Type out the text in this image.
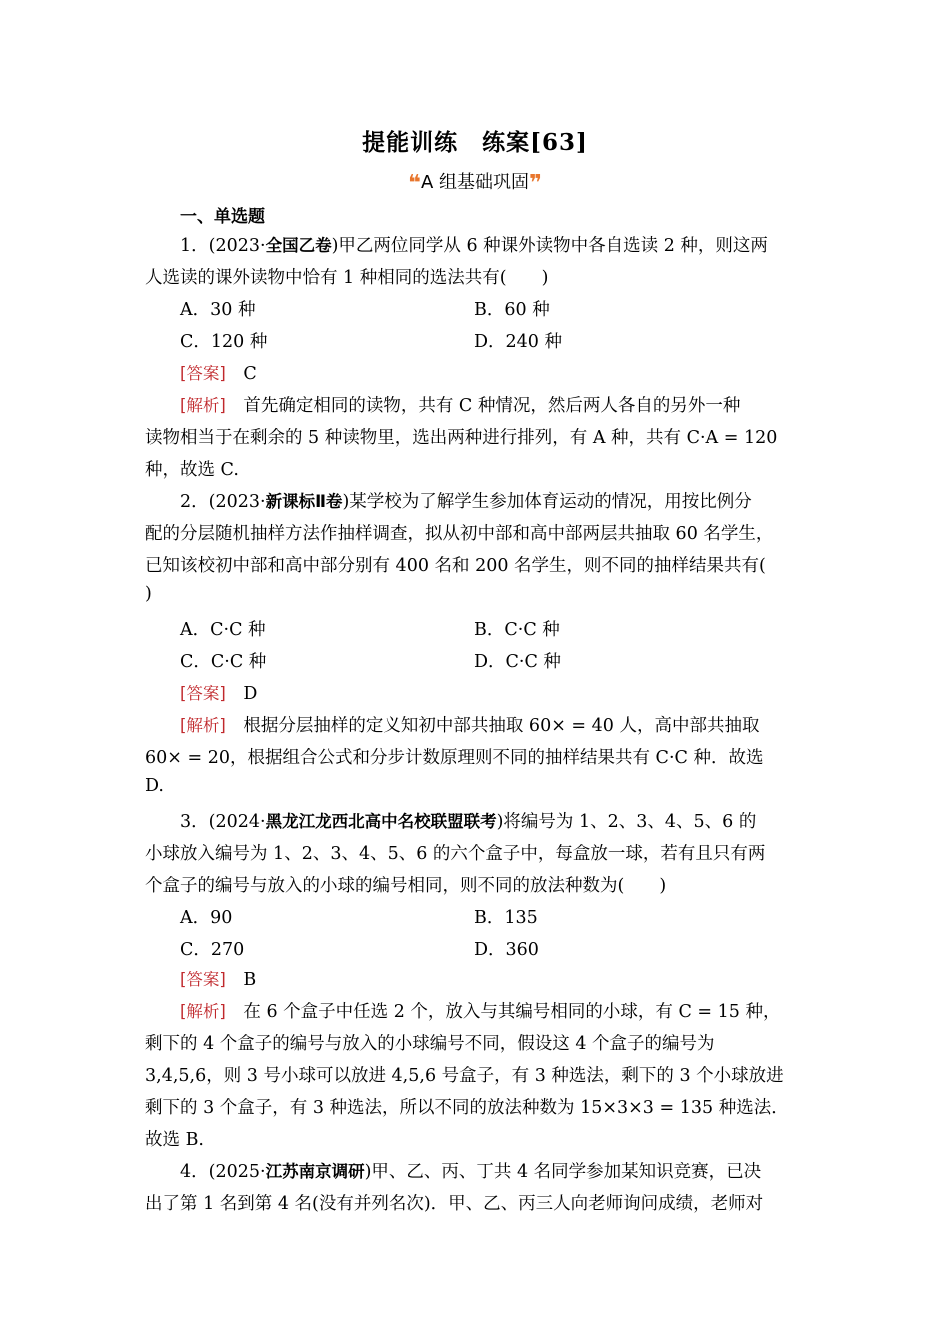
提能训练　练案[63]
❝A 组基础巩固❞
一、单选题
1．(2023·全国乙卷)甲乙两位同学从 6 种课外读物中各自选读 2 种，则这两
人选读的课外读物中恰有 1 种相同的选法共有(　　)
A．30 种	B．60 种
C．120 种	D．240 种
[答案]　 C
[解析]　 首先确定相同的读物，共有 C 种情况，然后两人各自的另外一种
读物相当于在剩余的 5 种读物里，选出两种进行排列，有 A 种，共有 C·A = 120
种，故选 C.
2．(2023·新课标Ⅱ卷)某学校为了解学生参加体育运动的情况，用按比例分
配的分层随机抽样方法作抽样调查，拟从初中部和高中部两层共抽取 60 名学生，
已知该校初中部和高中部分别有 400 名和 200 名学生，则不同的抽样结果共有(
)
A．C·C 种	B．C·C 种
C．C·C 种	D．C·C 种
[答案]　 D
[解析]　 根据分层抽样的定义知初中部共抽取 60× = 40 人，高中部共抽取
60× = 20，根据组合公式和分步计数原理则不同的抽样结果共有 C·C 种．故选
D.
3．(2024·黑龙江龙西北高中名校联盟联考)将编号为 1、2、3、4、5、6 的
小球放入编号为 1、2、3、4、5、6 的六个盒子中，每盒放一球，若有且只有两
个盒子的编号与放入的小球的编号相同，则不同的放法种数为(　　)
A．90	B．135
C．270	D．360
[答案]　 B
[解析]　 在 6 个盒子中任选 2 个，放入与其编号相同的小球，有 C = 15 种，
剩下的 4 个盒子的编号与放入的小球编号不同，假设这 4 个盒子的编号为
3,4,5,6，则 3 号小球可以放进 4,5,6 号盒子，有 3 种选法，剩下的 3 个小球放进
剩下的 3 个盒子，有 3 种选法，所以不同的放法种数为 15×3×3 = 135 种选法．
故选 B.
4．(2025·江苏南京调研)甲、乙、丙、丁共 4 名同学参加某知识竞赛，已决
出了第 1 名到第 4 名(没有并列名次)．甲、乙、丙三人向老师询问成绩，老师对
